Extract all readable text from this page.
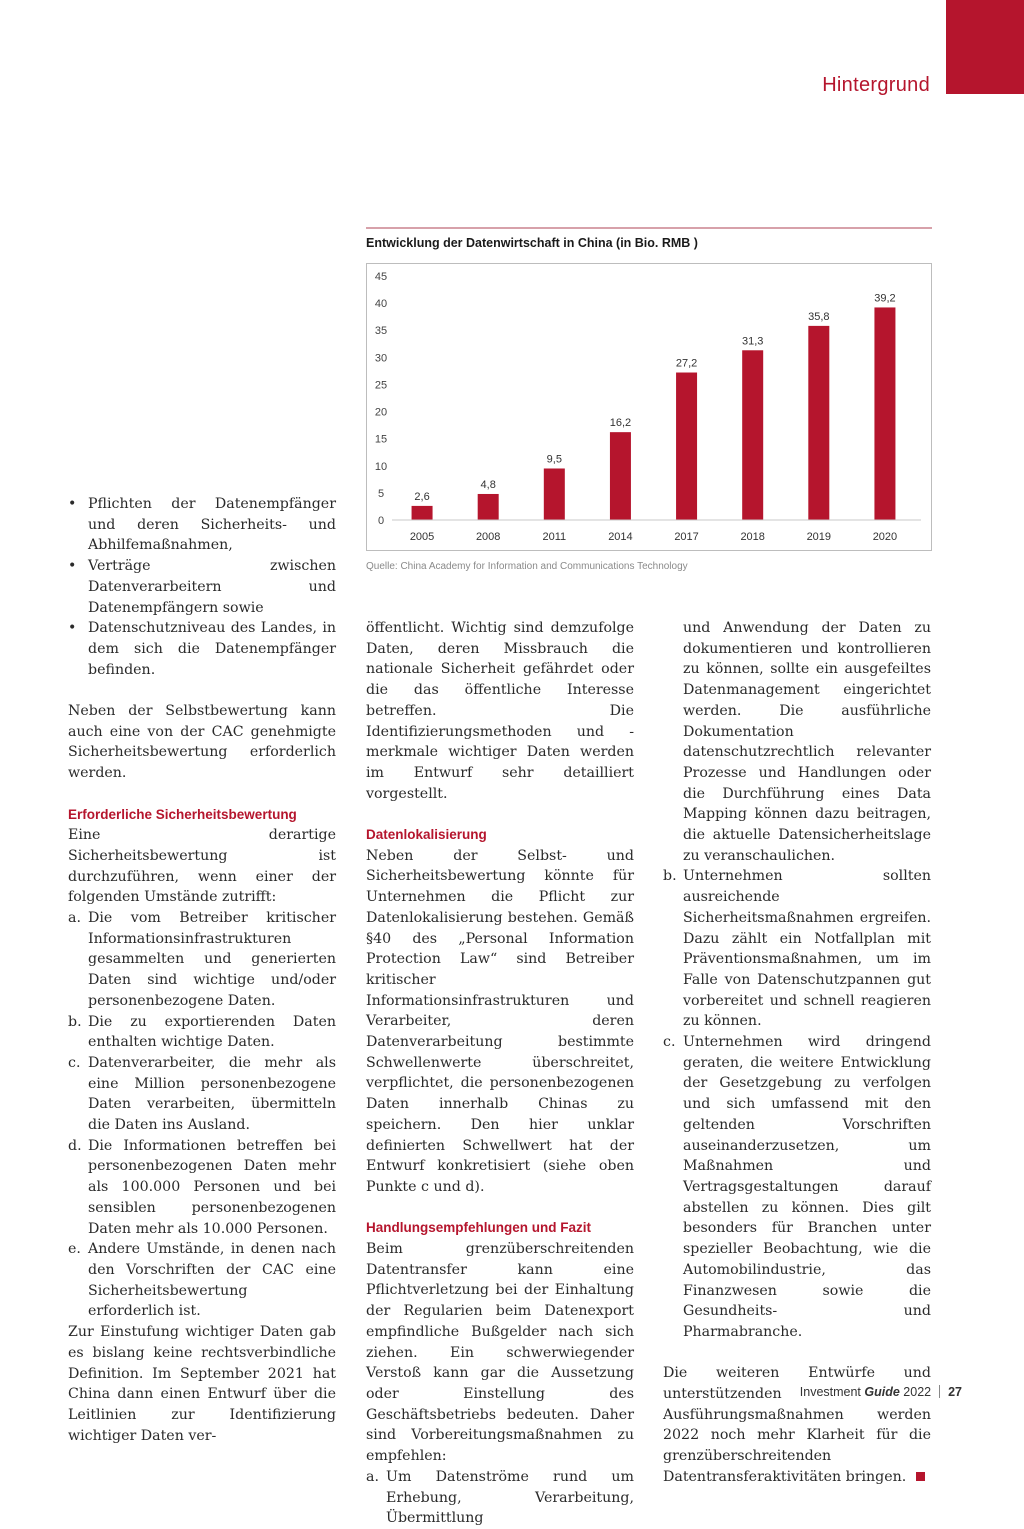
Hintergrund
Entwicklung der Datenwirtschaft in China (in Bio. RMB )
0
5
10
15
20
25
30
35
40
45
2,6
2005
4,8
2008
9,5
2011
16,2
2014
27,2
2017
31,3
2018
35,8
2019
39,2
2020
Quelle: China Academy for Information and Communications Technology
• Pflichten der Datenempfänger und deren Sicherheits- und Abhilfemaßnahmen,
• Verträge zwischen Datenverarbeitern und Datenempfängern sowie
• Datenschutzniveau des Landes, in dem sich die Datenempfänger befinden.

Neben der Selbstbewertung kann auch eine von der CAC genehmigte Sicherheitsbewertung erforderlich werden.

Erforderliche Sicherheitsbewertung

Eine derartige Sicherheitsbewertung ist durchzuführen, wenn einer der folgenden Umstände zutrifft:

a. Die vom Betreiber kritischer Informationsinfrastrukturen gesammelten und generierten Daten sind wichtige und/oder personenbezogene Daten.
b. Die zu exportierenden Daten enthalten wichtige Daten.
c. Datenverarbeiter, die mehr als eine Million personenbezogene Daten verarbeiten, übermitteln die Daten ins Ausland.
d. Die Informationen betreffen bei personenbezogenen Daten mehr als 100.000 Personen und bei sensiblen personenbezogenen Daten mehr als 10.000 Personen.
e. Andere Umstände, in denen nach den Vorschriften der CAC eine Sicherheitsbewertung erforderlich ist.

Zur Einstufung wichtiger Daten gab es bislang keine rechtsverbindliche Definition. Im September 2021 hat China dann einen Entwurf über die Leitlinien zur Identifizierung wichtiger Daten ver-

öffentlicht. Wichtig sind demzufolge Daten, deren Missbrauch die nationale Sicherheit gefährdet oder die das öffentliche Interesse betreffen. Die Identifizierungsmethoden und -merkmale wichtiger Daten werden im Entwurf sehr detailliert vorgestellt.

Datenlokalisierung

Neben der Selbst- und Sicherheitsbewertung könnte für Unternehmen die Pflicht zur Datenlokalisierung bestehen. Gemäß §40 des „Personal Information Protection Law“ sind Betreiber kritischer Informationsinfrastrukturen und Verarbeiter, deren Datenverarbeitung bestimmte Schwellenwerte überschreitet, verpflichtet, die personenbezogenen Daten innerhalb Chinas zu speichern. Den hier unklar definierten Schwellwert hat der Entwurf konkretisiert (siehe oben Punkte c und d).

Handlungsempfehlungen und Fazit

Beim grenzüberschreitenden Datentransfer kann eine Pflichtverletzung bei der Einhaltung der Regularien beim Datenexport empfindliche Bußgelder nach sich ziehen. Ein schwerwiegender Verstoß kann gar die Aussetzung oder Einstellung des Geschäftsbetriebs bedeuten. Daher sind Vorbereitungsmaßnahmen zu empfehlen:

a. Um Datenströme rund um Erhebung, Verarbeitung, Übermittlung

und Anwendung der Daten zu dokumentieren und kontrollieren zu können, sollte ein ausgefeiltes Datenmanagement eingerichtet werden. Die ausführliche Dokumentation datenschutzrechtlich relevanter Prozesse und Handlungen oder die Durchführung eines Data Mapping können dazu beitragen, die aktuelle Datensicherheitslage zu veranschaulichen.

b. Unternehmen sollten ausreichende Sicherheitsmaßnahmen ergreifen. Dazu zählt ein Notfallplan mit Präventionsmaßnahmen, um im Falle von Datenschutzpannen gut vorbereitet und schnell reagieren zu können.
c. Unternehmen wird dringend geraten, die weitere Entwicklung der Gesetzgebung zu verfolgen und sich umfassend mit den geltenden Vorschriften auseinanderzusetzen, um Maßnahmen und Vertragsgestaltungen darauf abstellen zu können. Dies gilt besonders für Branchen unter spezieller Beobachtung, wie die Automobilindustrie, das Finanzwesen sowie die Gesundheits- und Pharmabranche.

Die weiteren Entwürfe und unterstützenden Ausführungsmaßnahmen werden 2022 noch mehr Klarheit für die grenzüberschreitenden Datentransferaktivitäten bringen.

Investment Guide 2022 27
